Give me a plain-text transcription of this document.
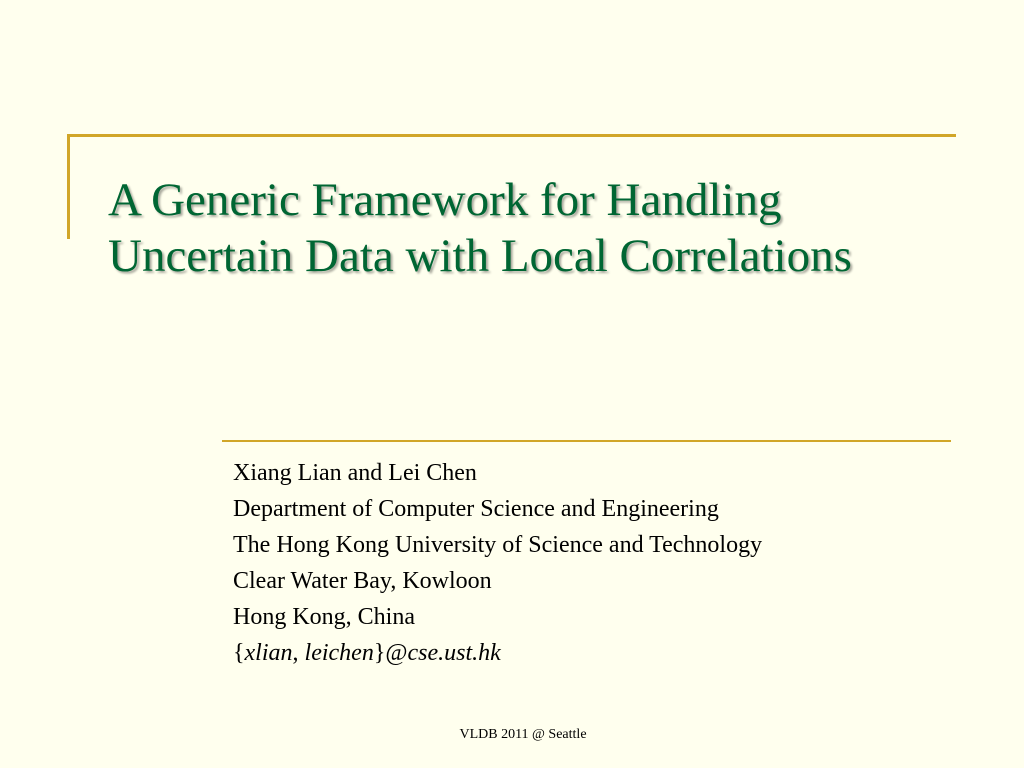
A Generic Framework for Handling
Uncertain Data with Local Correlations
Xiang Lian and Lei Chen
Department of Computer Science and Engineering
The Hong Kong University of Science and Technology
Clear Water Bay, Kowloon
Hong Kong, China
{xlian, leichen}@cse.ust.hk
VLDB 2011 @ Seattle
